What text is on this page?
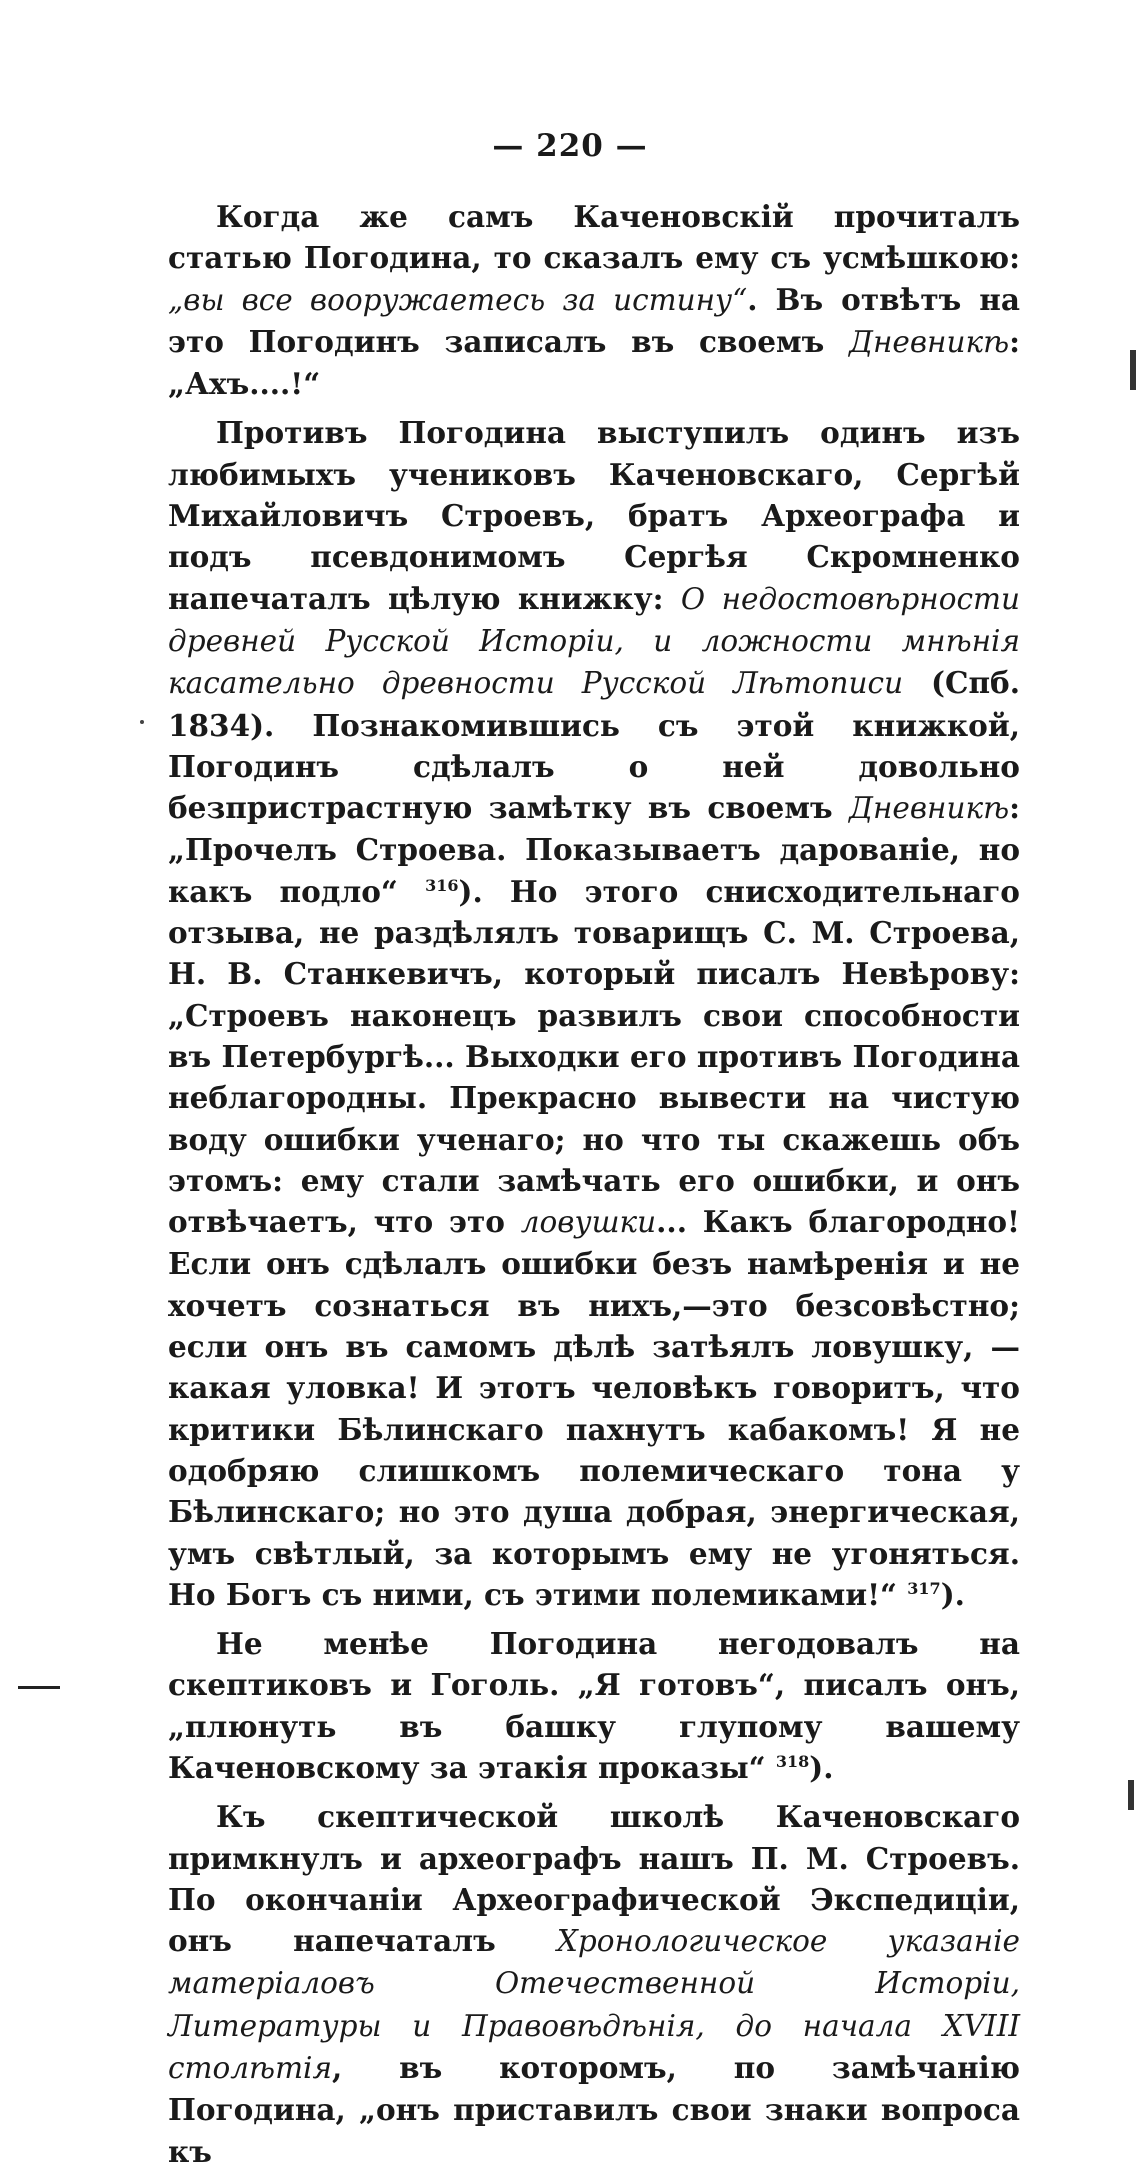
— 220 —

Когда же самъ Каченовскій прочиталъ статью Погодина, то сказалъ ему съ усмѣшкою: „вы все вооружаетесь за истину“. Въ отвѣтъ на это Погодинъ записалъ въ своемъ Дневникѣ: „Ахъ....!“

Противъ Погодина выступилъ одинъ изъ любимыхъ учениковъ Каченовскаго, Сергѣй Михайловичъ Строевъ, братъ Археографа и подъ псевдонимомъ Сергѣя Скромненко напечаталъ цѣлую книжку: О недостовѣрности древней Русской Исторіи, и ложности мнѣнія касательно древности Русской Лѣтописи (Спб. 1834). Познакомившись съ этой книжкой, Погодинъ сдѣлалъ о ней довольно безпристрастную замѣтку въ своемъ Дневникѣ: „Прочелъ Строева. Показываетъ дарованіе, но какъ подло“ $^{316}$). Но этого снисходительнаго отзыва, не раздѣлялъ товарищъ С. М. Строева, Н. В. Станкевичъ, который писалъ Невѣрову: „Строевъ наконецъ развилъ свои способности въ Петербургѣ... Выходки его противъ Погодина неблагородны. Прекрасно вывести на чистую воду ошибки ученаго; но что ты скажешь объ этомъ: ему стали замѣчать его ошибки, и онъ отвѣчаетъ, что это ловушки... Какъ благородно! Если онъ сдѣлалъ ошибки безъ намѣренія и не хочетъ сознаться въ нихъ,—это безсовѣстно; если онъ въ самомъ дѣлѣ затѣялъ ловушку, — какая уловка! И этотъ человѣкъ говоритъ, что критики Бѣлинскаго пахнутъ кабакомъ! Я не одобряю слишкомъ полемическаго тона у Бѣлинскаго; но это душа добрая, энергическая, умъ свѣтлый, за которымъ ему не угоняться. Но Богъ съ ними, съ этими полемиками!“ $^{317}$).

Не менѣе Погодина негодовалъ на скептиковъ и Гоголь. „Я готовъ“, писалъ онъ, „плюнуть въ башку глупому вашему Каченовскому за этакія проказы“ $^{318}$).

Къ скептической школѣ Каченовскаго примкнулъ и археографъ нашъ П. М. Строевъ. По окончаніи Археографической Экспедиціи, онъ напечаталъ Хронологическое указаніе матеріаловъ Отечественной Исторіи, Литературы и Правовѣдѣнія, до начала XVIII столѣтія, въ которомъ, по замѣчанію Погодина, „онъ приставилъ свои знаки вопроса къ
